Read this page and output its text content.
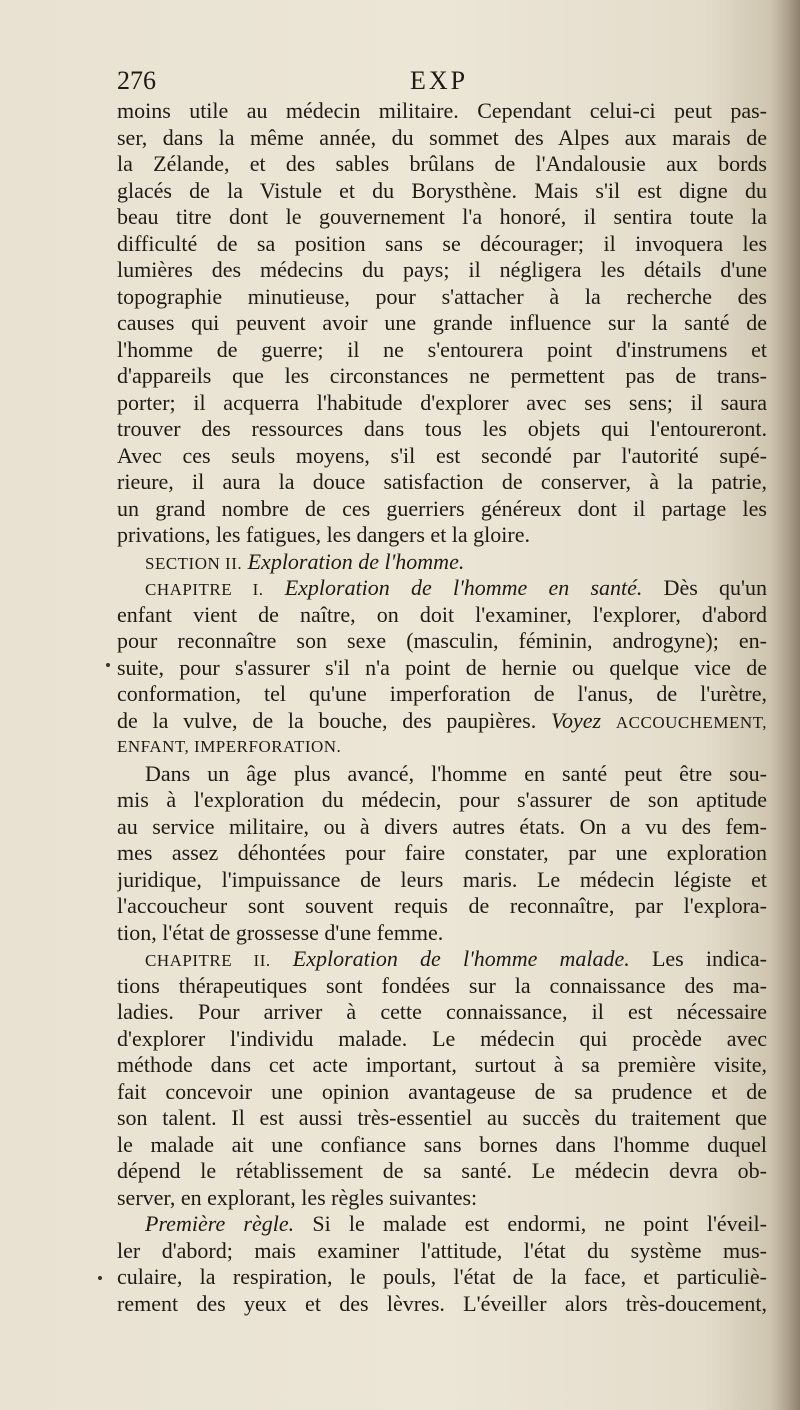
276	EXP
moins utile au médecin militaire. Cependant celui-ci peut pas-
ser, dans la même année, du sommet des Alpes aux marais de
la Zélande, et des sables brûlans de l'Andalousie aux bords
glacés de la Vistule et du Borysthène. Mais s'il est digne du
beau titre dont le gouvernement l'a honoré, il sentira toute la
difficulté de sa position sans se décourager; il invoquera les
lumières des médecins du pays; il négligera les détails d'une
topographie minutieuse, pour s'attacher à la recherche des
causes qui peuvent avoir une grande influence sur la santé de
l'homme de guerre; il ne s'entourera point d'instrumens et
d'appareils que les circonstances ne permettent pas de trans-
porter; il acquerra l'habitude d'explorer avec ses sens; il saura
trouver des ressources dans tous les objets qui l'entoureront.
Avec ces seuls moyens, s'il est secondé par l'autorité supé-
rieure, il aura la douce satisfaction de conserver, à la patrie,
un grand nombre de ces guerriers généreux dont il partage les
privations, les fatigues, les dangers et la gloire.
SECTION II. Exploration de l'homme.
CHAPITRE I. Exploration de l'homme en santé. Dès qu'un
enfant vient de naître, on doit l'examiner, l'explorer, d'abord
pour reconnaître son sexe (masculin, féminin, androgyne); en-
suite, pour s'assurer s'il n'a point de hernie ou quelque vice de
conformation, tel qu'une imperforation de l'anus, de l'urètre,
de la vulve, de la bouche, des paupières. Voyez ACCOUCHEMENT,
ENFANT, IMPERFORATION.
Dans un âge plus avancé, l'homme en santé peut être sou-
mis à l'exploration du médecin, pour s'assurer de son aptitude
au service militaire, ou à divers autres états. On a vu des fem-
mes assez déhontées pour faire constater, par une exploration
juridique, l'impuissance de leurs maris. Le médecin légiste et
l'accoucheur sont souvent requis de reconnaître, par l'explora-
tion, l'état de grossesse d'une femme.
CHAPITRE II. Exploration de l'homme malade. Les indica-
tions thérapeutiques sont fondées sur la connaissance des ma-
ladies. Pour arriver à cette connaissance, il est nécessaire
d'explorer l'individu malade. Le médecin qui procède avec
méthode dans cet acte important, surtout à sa première visite,
fait concevoir une opinion avantageuse de sa prudence et de
son talent. Il est aussi très-essentiel au succès du traitement que
le malade ait une confiance sans bornes dans l'homme duquel
dépend le rétablissement de sa santé. Le médecin devra ob-
server, en explorant, les règles suivantes:
Première règle. Si le malade est endormi, ne point l'éveil-
ler d'abord; mais examiner l'attitude, l'état du système mus-
culaire, la respiration, le pouls, l'état de la face, et particuliè-
rement des yeux et des lèvres. L'éveiller alors très-doucement,
